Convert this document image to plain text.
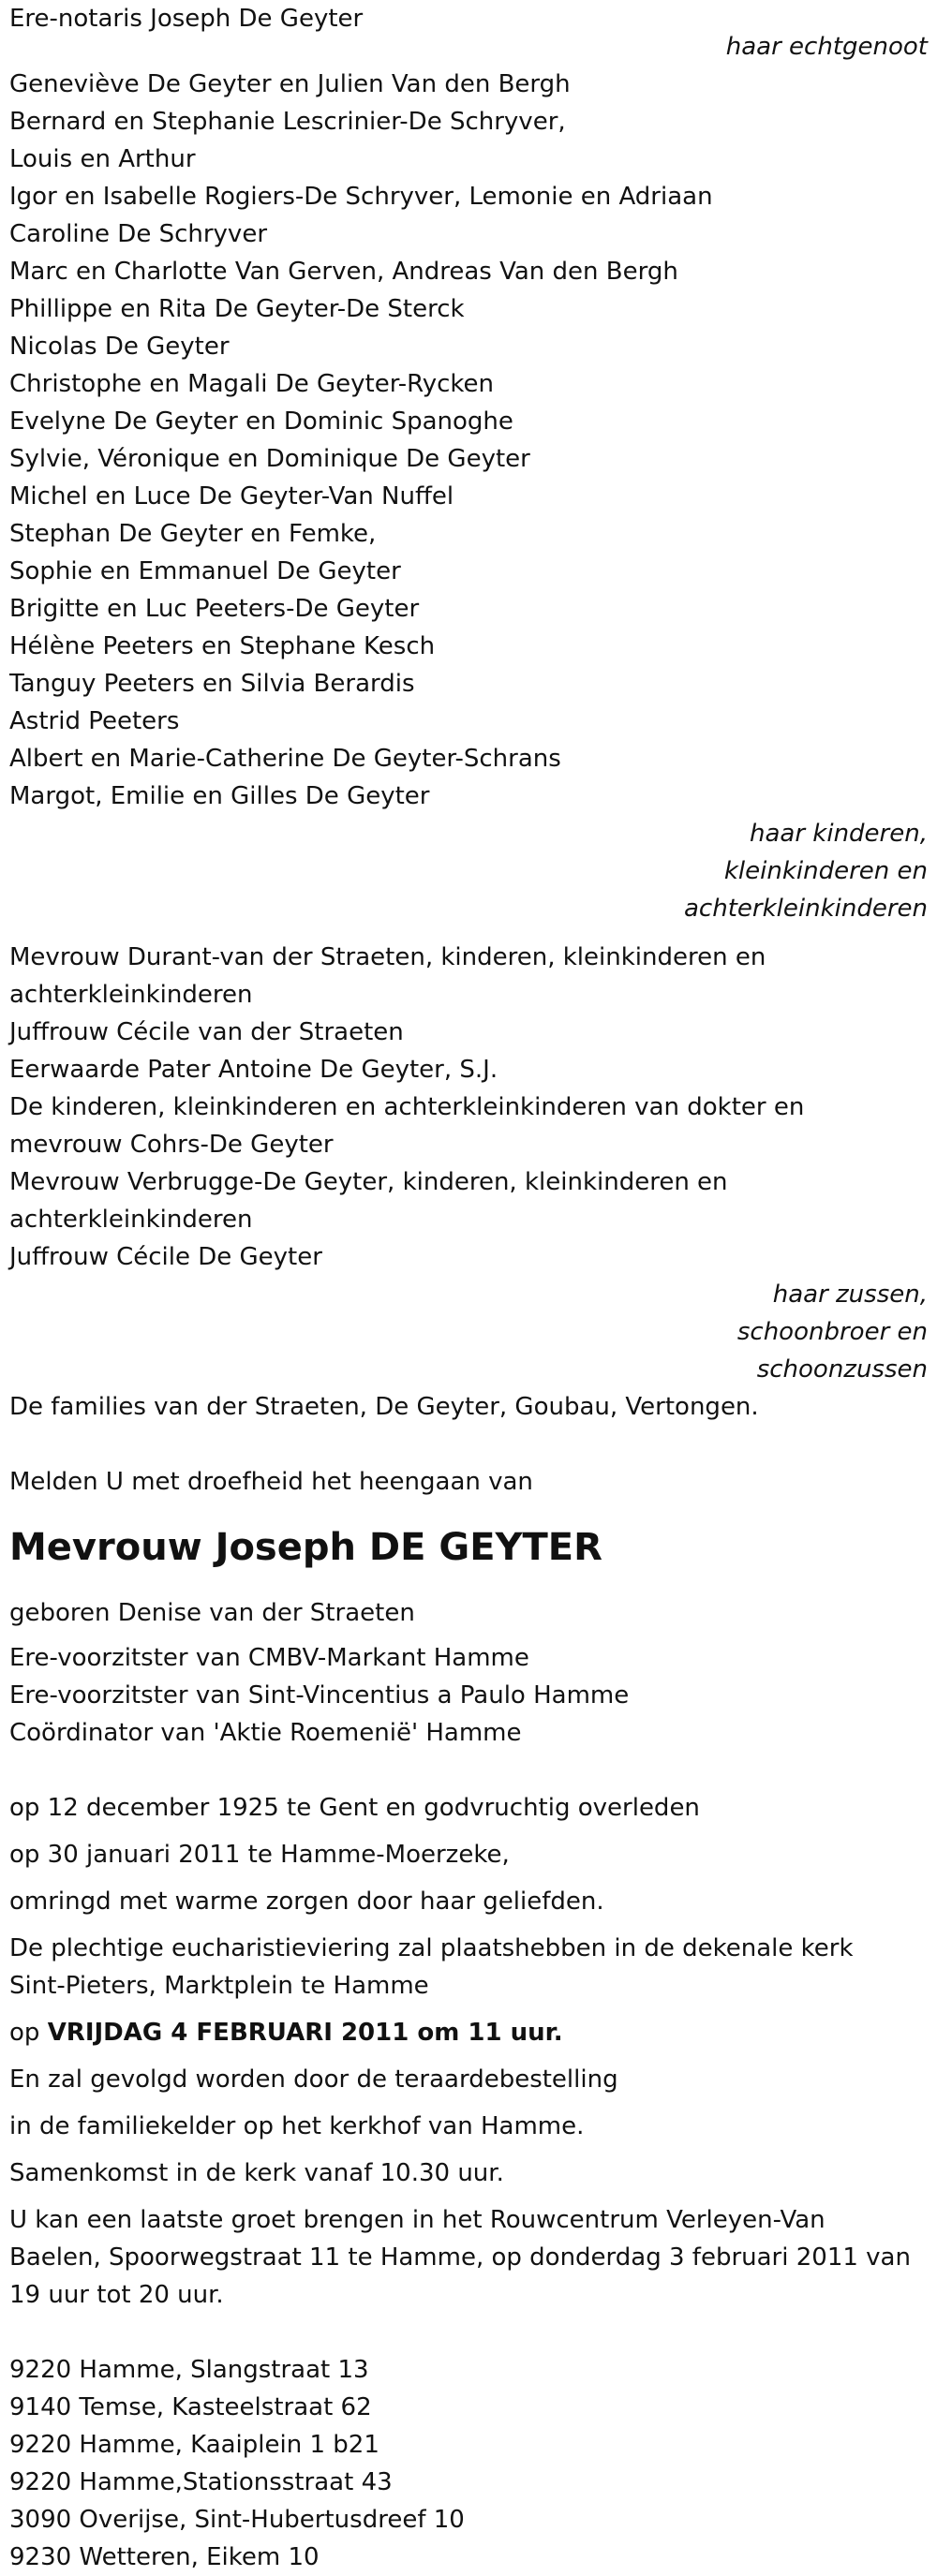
Ere-notaris Joseph De Geyter
haar echtgenoot
Geneviève De Geyter en Julien Van den Bergh
Bernard en Stephanie Lescrinier-De Schryver,
Louis en Arthur
Igor en Isabelle Rogiers-De Schryver, Lemonie en Adriaan
Caroline De Schryver
Marc en Charlotte Van Gerven, Andreas Van den Bergh
Phillippe en Rita De Geyter-De Sterck
Nicolas De Geyter
Christophe en Magali De Geyter-Rycken
Evelyne De Geyter en Dominic Spanoghe
Sylvie, Véronique en Dominique De Geyter
Michel en Luce De Geyter-Van Nuffel
Stephan De Geyter en Femke,
Sophie en Emmanuel De Geyter
Brigitte en Luc Peeters-De Geyter
Hélène Peeters en Stephane Kesch
Tanguy Peeters en Silvia Berardis
Astrid Peeters
Albert en Marie-Catherine De Geyter-Schrans
Margot, Emilie en Gilles De Geyter
haar kinderen,
kleinkinderen en
achterkleinkinderen
Mevrouw Durant-van der Straeten, kinderen, kleinkinderen en
achterkleinkinderen
Juffrouw Cécile van der Straeten
Eerwaarde Pater Antoine De Geyter, S.J.
De kinderen, kleinkinderen en achterkleinkinderen van dokter en
mevrouw Cohrs-De Geyter
Mevrouw Verbrugge-De Geyter, kinderen, kleinkinderen en
achterkleinkinderen
Juffrouw Cécile De Geyter
haar zussen,
schoonbroer en
schoonzussen
De families van der Straeten, De Geyter, Goubau, Vertongen.
Melden U met droefheid het heengaan van
Mevrouw Joseph DE GEYTER
geboren Denise van der Straeten
Ere-voorzitster van CMBV-Markant Hamme
Ere-voorzitster van Sint-Vincentius a Paulo Hamme
Coördinator van 'Aktie Roemenië' Hamme
op 12 december 1925 te Gent en godvruchtig overleden
op 30 januari 2011 te Hamme-Moerzeke,
omringd met warme zorgen door haar geliefden.
De plechtige eucharistieviering zal plaatshebben in de dekenale kerk
Sint-Pieters, Marktplein te Hamme
op VRIJDAG 4 FEBRUARI 2011 om 11 uur.
En zal gevolgd worden door de teraardebestelling
in de familiekelder op het kerkhof van Hamme.
Samenkomst in de kerk vanaf 10.30 uur.
U kan een laatste groet brengen in het Rouwcentrum Verleyen-Van
Baelen, Spoorwegstraat 11 te Hamme, op donderdag 3 februari 2011 van
19 uur tot 20 uur.
9220 Hamme, Slangstraat 13
9140 Temse, Kasteelstraat 62
9220 Hamme, Kaaiplein 1 b21
9220 Hamme,Stationsstraat 43
3090 Overijse, Sint-Hubertusdreef 10
9230 Wetteren, Eikem 10
